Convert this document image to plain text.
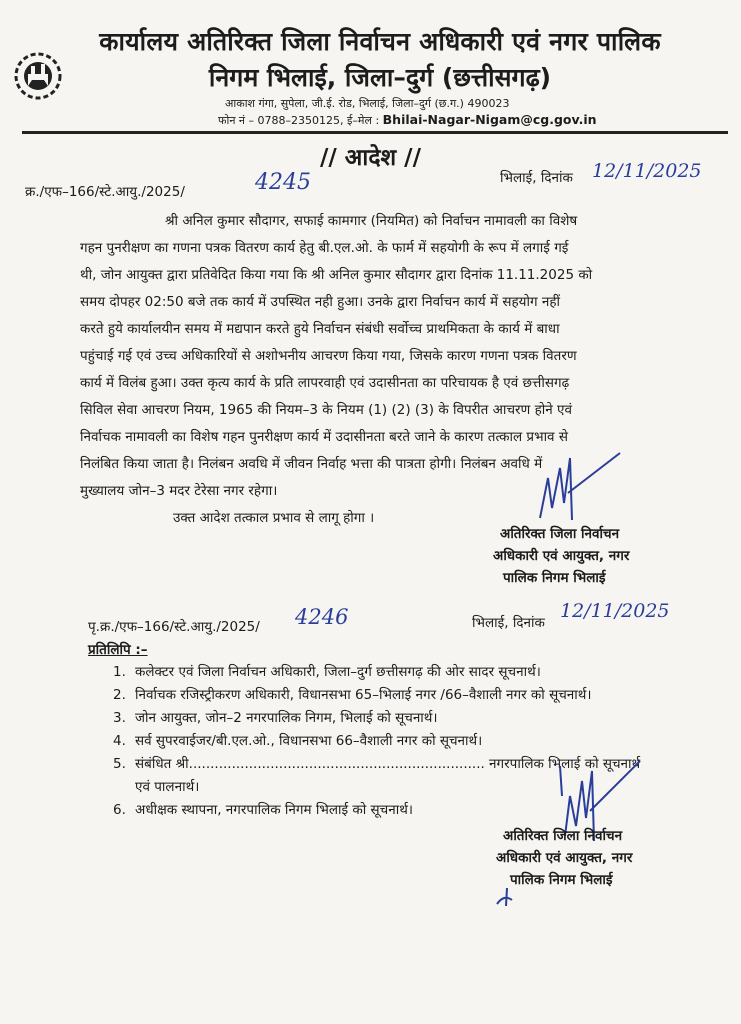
कार्यालय अतिरिक्त जिला निर्वाचन अधिकारी एवं नगर पालिक
निगम भिलाई, जिला–दुर्ग (छत्तीसगढ़)
आकाश गंगा, सुपेला, जी.ई. रोड, भिलाई, जिला–दुर्ग (छ.ग.) 490023
फोन नं – 0788–2350125, ई–मेल : Bhilai-Nagar-Nigam@cg.gov.in
// आदेश //
क्र./एफ–166/स्टे.आयु./2025/	4245	भिलाई, दिनांक 12/11/2025
श्री अनिल कुमार सौदागर, सफाई कामगार (नियमित) को निर्वाचन नामावली का विशेष
गहन पुनरीक्षण का गणना पत्रक वितरण कार्य हेतु बी.एल.ओ. के फार्म में सहयोगी के रूप में लगाई गई
थी, जोन आयुक्त द्वारा प्रतिवेदित किया गया कि श्री अनिल कुमार सौदागर द्वारा दिनांक 11.11.2025 को
समय दोपहर 02:50 बजे तक कार्य में उपस्थित नही हुआ। उनके द्वारा निर्वाचन कार्य में सहयोग नहीं
करते हुये कार्यालयीन समय में मद्यपान करते हुये निर्वाचन संबंधी सर्वोच्च प्राथमिकता के कार्य में बाधा
पहुंचाई गई एवं उच्च अधिकारियों से अशोभनीय आचरण किया गया, जिसके कारण गणना पत्रक वितरण
कार्य में विलंब हुआ। उक्त कृत्य कार्य के प्रति लापरवाही एवं उदासीनता का परिचायक है एवं छत्तीसगढ़
सिविल सेवा आचरण नियम, 1965 की नियम–3 के नियम (1) (2) (3) के विपरीत आचरण होने एवं
निर्वाचक नामावली का विशेष गहन पुनरीक्षण कार्य में उदासीनता बरते जाने के कारण तत्काल प्रभाव से
निलंबित किया जाता है। निलंबन अवधि में जीवन निर्वाह भत्ता की पात्रता होगी। निलंबन अवधि में
मुख्यालय जोन–3 मदर टेरेसा नगर रहेगा।
उक्त आदेश तत्काल प्रभाव से लागू होगा ।
अतिरिक्त जिला निर्वाचन
अधिकारी एवं आयुक्त, नगर
पालिक निगम भिलाई
पृ.क्र./एफ–166/स्टे.आयु./2025/ 4246	भिलाई, दिनांक
12/11/2025
प्रतिलिपि :–
1. कलेक्टर एवं जिला निर्वाचन अधिकारी, जिला–दुर्ग छत्तीसगढ़ की ओर सादर सूचनार्थ।
2. निर्वाचक रजिस्ट्रीकरण अधिकारी, विधानसभा 65–भिलाई नगर /66–वैशाली नगर को सूचनार्थ।
3. जोन आयुक्त, जोन–2 नगरपालिक निगम, भिलाई को सूचनार्थ।
4. सर्व सुपरवाईजर/बी.एल.ओ., विधानसभा 66–वैशाली नगर को सूचनार्थ।
5. संबंधित श्री..................................................................... नगरपालिक भिलाई को सूचनार्थ
एवं पालनार्थ।
6. अधीक्षक स्थापना, नगरपालिक निगम भिलाई को सूचनार्थ।
अतिरिक्त जिला निर्वाचन
अधिकारी एवं आयुक्त, नगर
पालिक निगम भिलाई
